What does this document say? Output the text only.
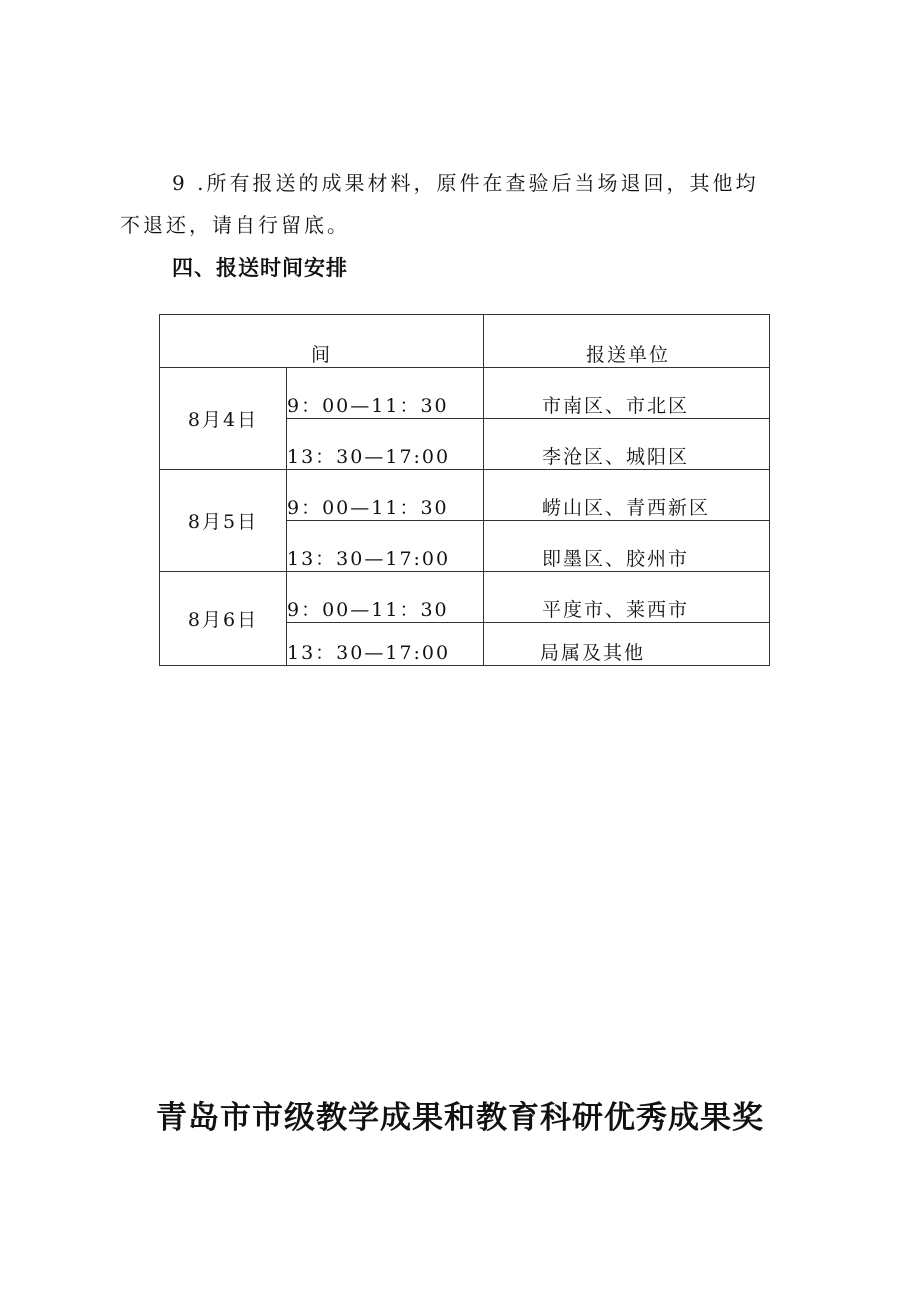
9 .所有报送的成果材料，原件在查验后当场退回，其他均不退还，请自行留底。

四、报送时间安排
间		报送单位
8月4日	9：00—11：30	市南区、市北区
	13：30—17:00	李沧区、城阳区
8月5日	9：00—11：30	崂山区、青西新区
	13：30—17:00	即墨区、胶州市
8月6日	9：00—11：30	平度市、莱西市
	13：30—17:00	局属及其他
青岛市市级教学成果和教育科研优秀成果奖
